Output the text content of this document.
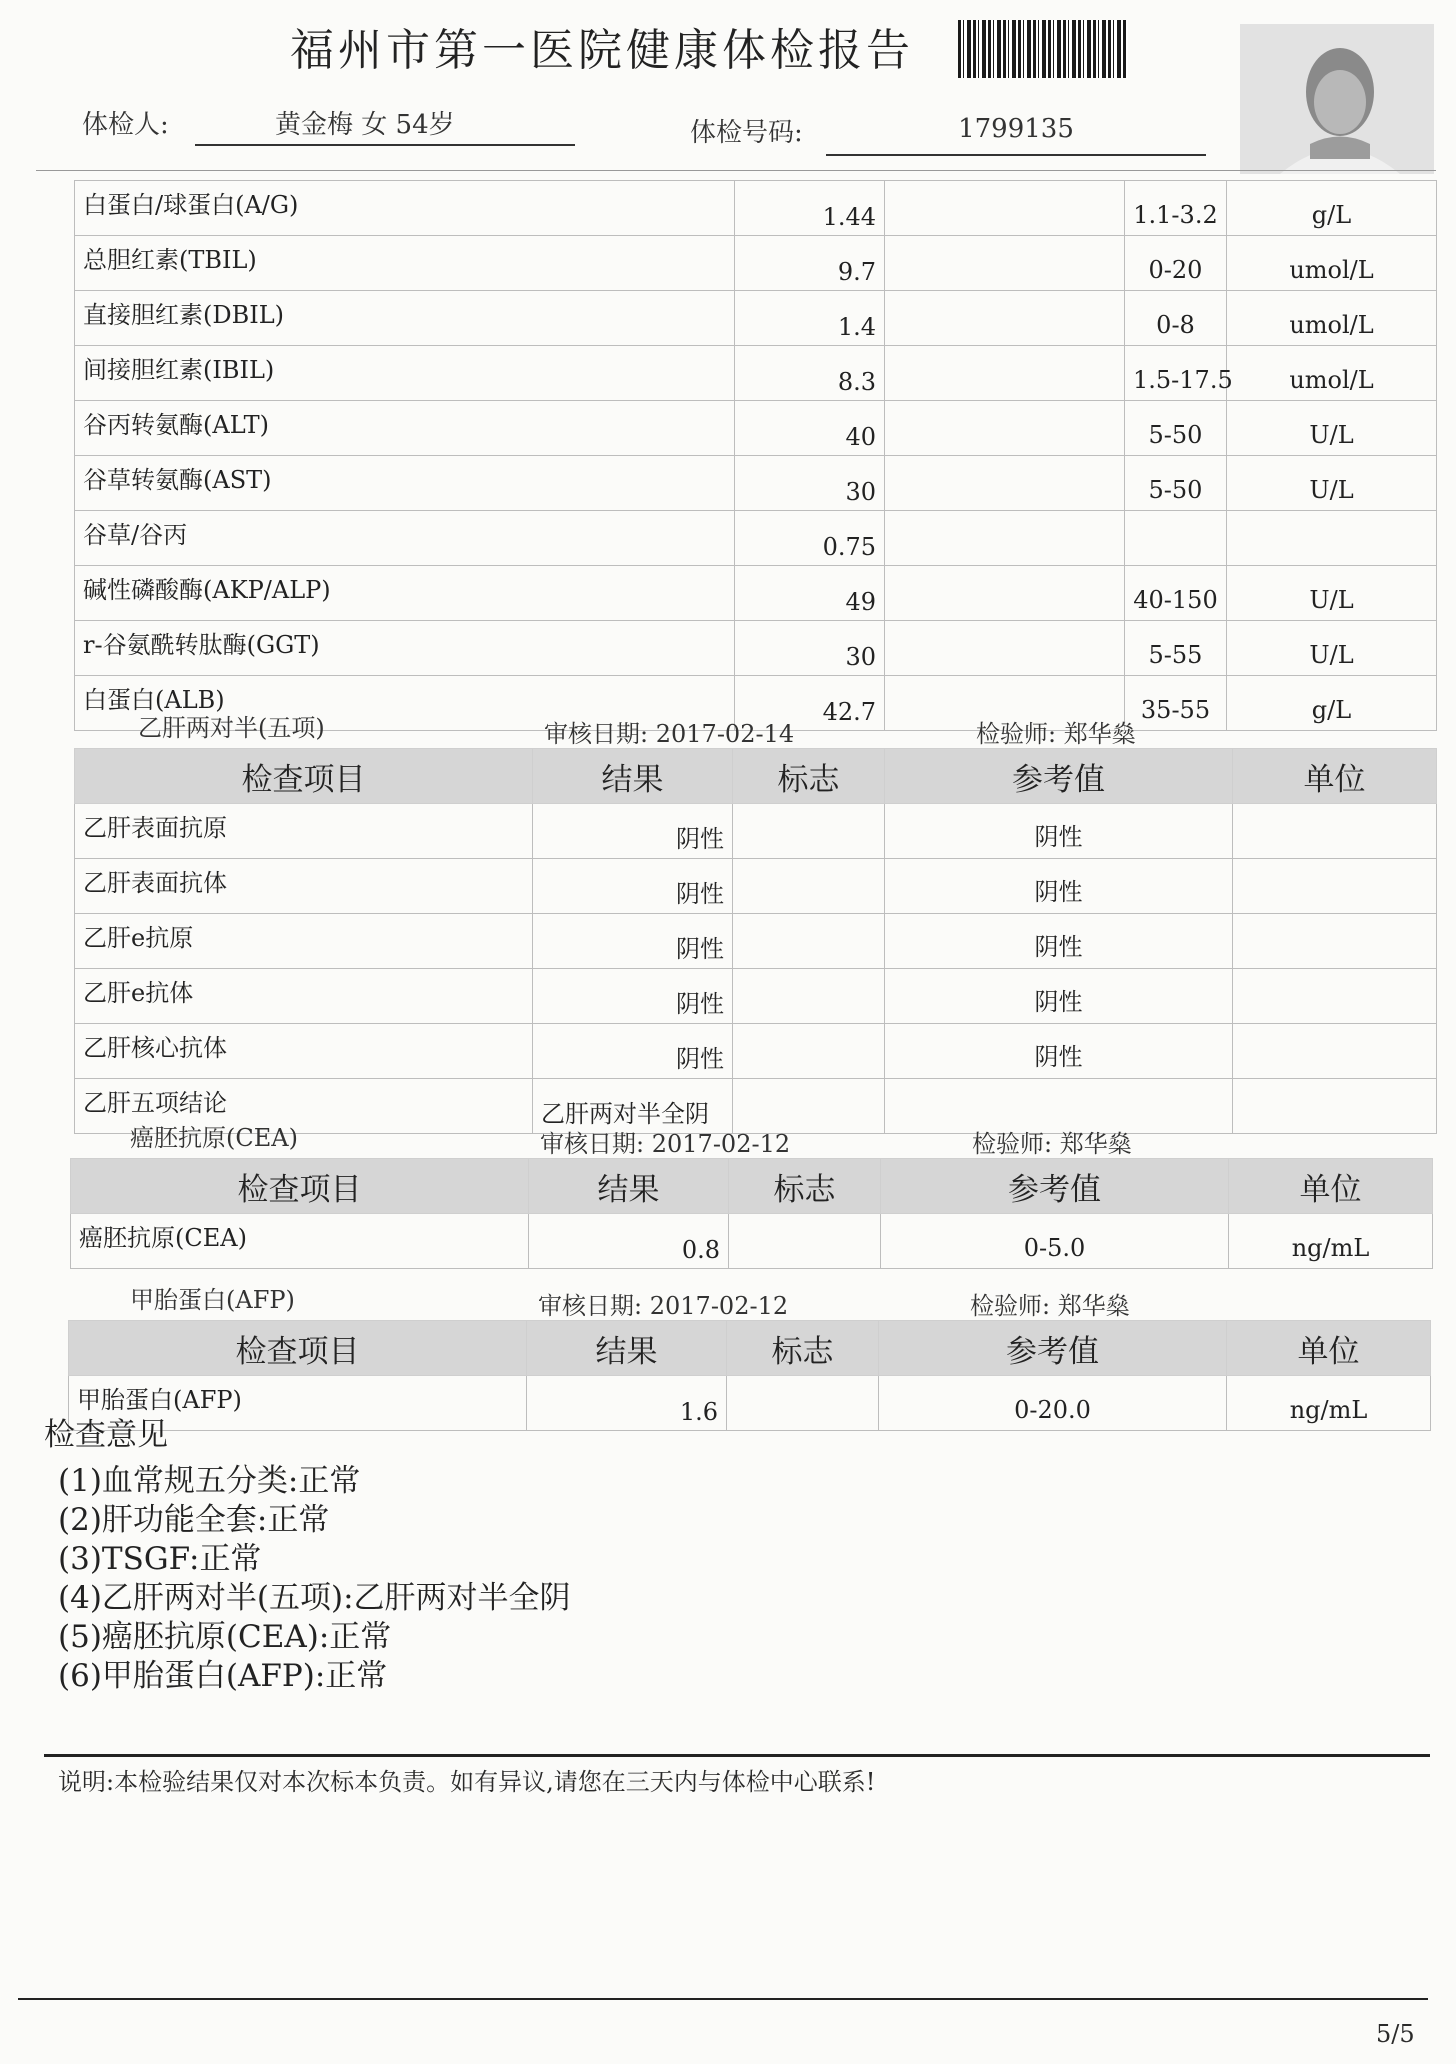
福州市第一医院健康体检报告
体检人:	黄金梅 女 54岁	体检号码:	1799135
白蛋白/球蛋白(A/G)	1.44		1.1-3.2	g/L
总胆红素(TBIL)	9.7		0-20	umol/L
直接胆红素(DBIL)	1.4		0-8	umol/L
间接胆红素(IBIL)	8.3		1.5-17.5	umol/L
谷丙转氨酶(ALT)	40		5-50	U/L
谷草转氨酶(AST)	30		5-50	U/L
谷草/谷丙	0.75			
碱性磷酸酶(AKP/ALP)	49		40-150	U/L
r-谷氨酰转肽酶(GGT)	30		5-55	U/L
白蛋白(ALB)	42.7		35-55	g/L
乙肝两对半(五项)	审核日期: 2017-02-14	检验师: 郑华燊
检查项目	结果	标志	参考值	单位
乙肝表面抗原	阴性		阴性	
乙肝表面抗体	阴性		阴性	
乙肝e抗原	阴性		阴性	
乙肝e抗体	阴性		阴性	
乙肝核心抗体	阴性		阴性	
乙肝五项结论	乙肝两对半全阴			
癌胚抗原(CEA)	审核日期: 2017-02-12	检验师: 郑华燊
检查项目	结果	标志	参考值	单位
癌胚抗原(CEA)	0.8		0-5.0	ng/mL
甲胎蛋白(AFP)	审核日期: 2017-02-12	检验师: 郑华燊
检查项目	结果	标志	参考值	单位
甲胎蛋白(AFP)	1.6		0-20.0	ng/mL
检查意见
(1)血常规五分类:正常
(2)肝功能全套:正常
(3)TSGF:正常
(4)乙肝两对半(五项):乙肝两对半全阴
(5)癌胚抗原(CEA):正常
(6)甲胎蛋白(AFP):正常
说明:本检验结果仅对本次标本负责。如有异议,请您在三天内与体检中心联系!
5/5
